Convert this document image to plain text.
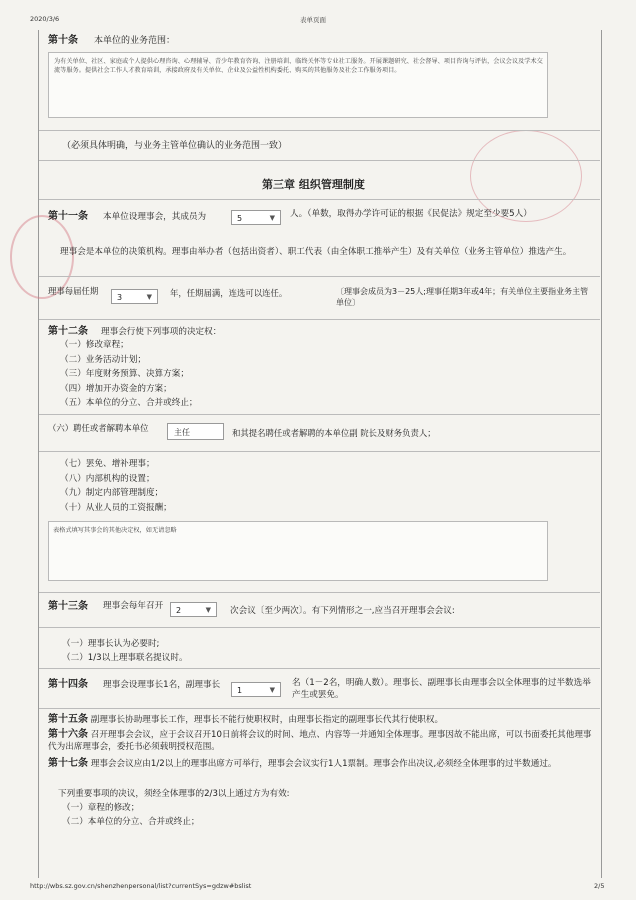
2020/3/6	表单页面
第十条 本单位的业务范围：
为有关单位、社区、家庭或个人提供心理咨询、心理辅导、青少年教育咨询、注册培训、临终关怀等专业社工服务。开展课题研究、社会督导、项目咨询与评估，会议会议及学术交流等服务。提供社会工作人才教育培训，承接政府及有关单位、企业及公益性机构委托、购买的其他服务及社会工作服务项目。
（必须具体明确，与业务主管单位确认的业务范围一致）
第三章 组织管理制度
第十一条	本单位设理事会，其成员为	5	▼ 人。（单数，取得办学许可证的根据《民促法》规定至少要5人）
理事会是本单位的决策机构。理事由举办者（包括出资者）、职工代表（由全体职工推举产生）及有关单位（业务主管单位）推选产生。
理事每届任期
3	▼ 年，任期届满，连选可以连任。	〔理事会成员为3－25人;理事任期3年或4年；有关单位主要指业务主管单位〕
第十二条 理事会行使下列事项的决定权：
（一）修改章程；
（二）业务活动计划；
（三）年度财务预算、决算方案；
（四）增加开办资金的方案；
（五）本单位的分立、合并或终止；
（六）聘任或者解聘本单位	主任	和其提名聘任或者解聘的本单位副 院长及财务负责人；
（七）罢免、增补理事；
（八）内部机构的设置；
（九）制定内部管理制度；
（十）从业人员的工资报酬；
表格式填写其事会的其他决定权，如无请忽略
第十三条	理事会每年召开	2	▼ 次会议〔至少两次〕。有下列情形之一,应当召开理事会会议:
（一）理事长认为必要时;
（二）1/3以上理事联名提议时。
第十四条	理事会设理事长1名，副理事长
1	▼
名（1－2名，明确人数）。理事长、副理事长由理事会以全体理事的过半数选举产生或罢免。
第十五条 副理事长协助理事长工作，理事长不能行使职权时，由理事长指定的副理事长代其行使职权。
第十六条 召开理事会会议，应于会议召开10日前将会议的时间、地点、内容等一并通知全体理事。理事因故不能出席，可以书面委托其他理事代为出席理事会，委托书必须载明授权范围。
第十七条 理事会会议应由1/2以上的理事出席方可举行，理事会会议实行1人1票制。理事会作出决议,必须经全体理事的过半数通过。
下列重要事项的决议，须经全体理事的2/3以上通过方为有效:
（一）章程的修改；
（二）本单位的分立、合并或终止；
http://wbs.sz.gov.cn/shenzhenpersonal/list?currentSys=gdzw#bslist	2/5
